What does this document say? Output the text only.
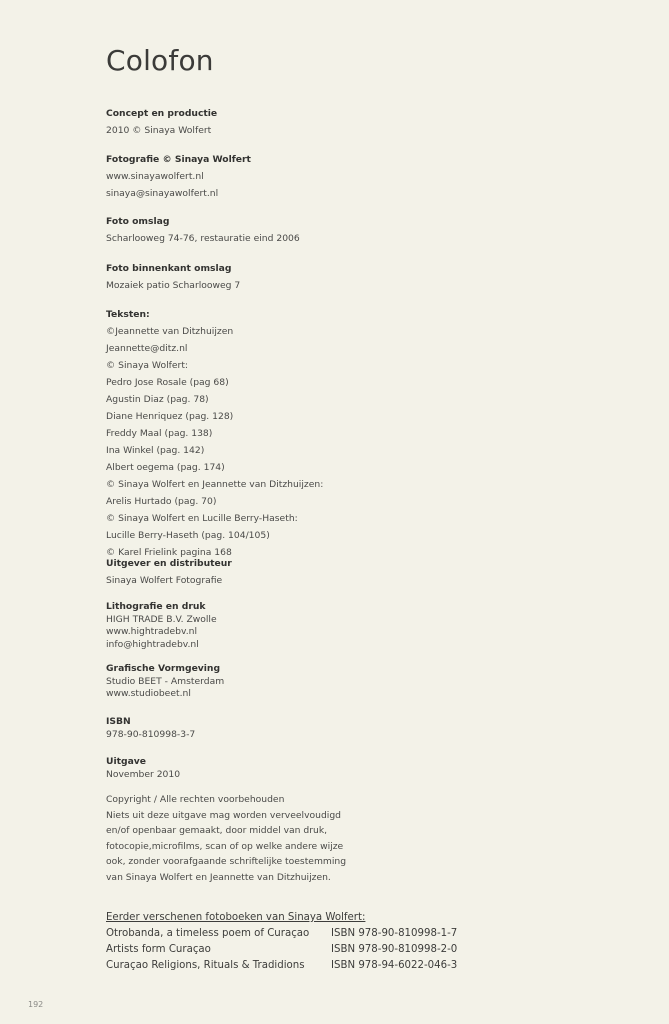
Colofon
Concept en productie
2010 © Sinaya Wolfert
Fotografie © Sinaya Wolfert
www.sinayawolfert.nl
sinaya@sinayawolfert.nl
Foto omslag
Scharlooweg 74-76, restauratie eind 2006
Foto binnenkant omslag
Mozaiek patio Scharlooweg 7
Teksten:
©Jeannette van Ditzhuijzen
Jeannette@ditz.nl
© Sinaya Wolfert:
Pedro Jose Rosale (pag 68)
Agustin Diaz (pag. 78)
Diane Henriquez (pag. 128)
Freddy Maal (pag. 138)
Ina Winkel (pag. 142)
Albert oegema (pag. 174)
© Sinaya Wolfert en Jeannette van Ditzhuijzen:
Arelis Hurtado (pag. 70)
© Sinaya Wolfert en Lucille Berry-Haseth:
Lucille Berry-Haseth (pag. 104/105)
© Karel Frielink pagina 168
Uitgever en distributeur
Sinaya Wolfert Fotografie
Lithografie en druk
HIGH TRADE B.V. Zwolle
www.hightradebv.nl
info@hightradebv.nl
Grafische Vormgeving
Studio BEET - Amsterdam
www.studiobeet.nl
ISBN
978-90-810998-3-7
Uitgave
November 2010
Copyright / Alle rechten voorbehouden
Niets uit deze uitgave mag worden verveelvoudigd
en/of openbaar gemaakt, door middel van druk,
fotocopie,microfilms, scan of op welke andere wijze
ook, zonder voorafgaande schriftelijke toestemming
van Sinaya Wolfert en Jeannette van Ditzhuijzen.
Eerder verschenen fotoboeken van Sinaya Wolfert:
Otrobanda, a timeless poem of Curaçao	ISBN 978-90-810998-1-7
Artists form Curaçao	ISBN 978-90-810998-2-0
Curaçao Religions, Rituals & Tradidions	ISBN 978-94-6022-046-3
192
